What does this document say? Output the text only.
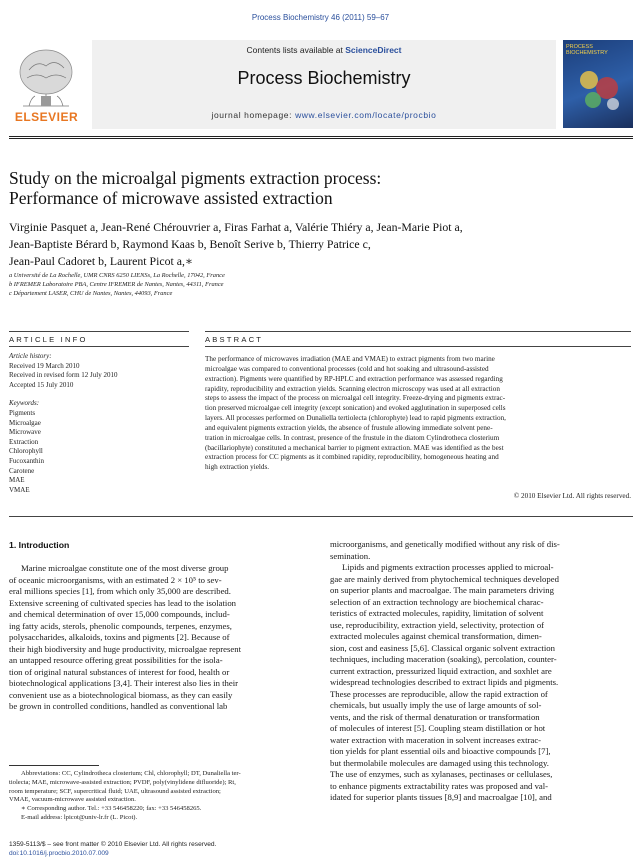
Process Biochemistry 46 (2011) 59–67
ELSEVIER
Contents lists available at ScienceDirect
Process Biochemistry
journal homepage: www.elsevier.com/locate/procbio
PROCESS BIOCHEMISTRY
Study on the microalgal pigments extraction process:
Performance of microwave assisted extraction
Virginie Pasquet a, Jean-René Chérouvrier a, Firas Farhat a, Valérie Thiéry a, Jean-Marie Piot a,
Jean-Baptiste Bérard b, Raymond Kaas b, Benoît Serive b, Thierry Patrice c,
Jean-Paul Cadoret b, Laurent Picot a,∗
a Université de La Rochelle, UMR CNRS 6250 LIENSs, La Rochelle, 17042, France
b IFREMER Laboratoire PBA, Centre IFREMER de Nantes, Nantes, 44311, France
c Département LASER, CHU de Nantes, Nantes, 44093, France
ARTICLE INFO
Article history:
Received 19 March 2010
Received in revised form 12 July 2010
Accepted 15 July 2010
Keywords:
Pigments
Microalgae
Microwave
Extraction
Chlorophyll
Fucoxanthin
Carotene
MAE
VMAE
ABSTRACT
The performance of microwaves irradiation (MAE and VMAE) to extract pigments from two marine
microalgae was compared to conventional processes (cold and hot soaking and ultrasound-assisted
extraction). Pigments were quantified by RP-HPLC and extraction performance was assessed regarding
rapidity, reproducibility and extraction yields. Scanning electron microscopy was used at all extraction
steps to assess the impact of the process on microalgal cell integrity. Freeze-drying and pigments extrac-
tion preserved microalgae cell integrity (except sonication) and evoked agglutination in superposed cells
layers. All processes performed on Dunaliella tertiolecta (chlorophyte) lead to rapid pigments extraction,
and equivalent pigments extraction yields, the absence of frustule allowing immediate solvent pene-
tration in microalgae cells. In contrast, presence of the frustule in the diatom Cylindrotheca closterium
(bacillariophyte) constituted a mechanical barrier to pigment extraction. MAE was identified as the best
extraction process for CC pigments as it combined rapidity, reproducibility, homogeneous heating and
high extraction yields.
© 2010 Elsevier Ltd. All rights reserved.
1. Introduction
Marine microalgae constitute one of the most diverse group
of oceanic microorganisms, with an estimated 2 × 10⁵ to sev-
eral millions species [1], from which only 35,000 are described.
Extensive screening of cultivated species has lead to the isolation
and chemical determination of over 15,000 compounds, includ-
ing fatty acids, sterols, phenolic compounds, terpenes, enzymes,
polysaccharides, alkaloids, toxins and pigments [2]. Because of
their high biodiversity and huge productivity, microalgae represent
an untapped resource offering great possibilities for the isola-
tion of original natural substances of interest for food, health or
biotechnological applications [3,4]. Their interest also lies in their
convenient use as a biotechnological biomass, as they can easily
be grown in controlled conditions, handled as conventional lab
microorganisms, and genetically modified without any risk of dis-
semination.
Lipids and pigments extraction processes applied to microal-
gae are mainly derived from phytochemical techniques developed
on superior plants and macroalgae. The main parameters driving
selection of an extraction technology are biochemical charac-
teristics of extracted molecules, rapidity, limitation of solvent
use, reproducibility, extraction yield, selectivity, protection of
extracted molecules against chemical transformation, dimen-
sion, cost and easiness [5,6]. Classical organic solvent extraction
techniques, including maceration (soaking), percolation, counter-
current extraction, pressurized liquid extraction, and soxhlet are
widespread technologies described to extract lipids and pigments.
These processes are reproducible, allow the rapid extraction of
chemicals, but usually imply the use of large amounts of sol-
vents, and the risk of thermal denaturation or transformation
of molecules of interest [5]. Coupling steam distillation or hot
water extraction with maceration in solvent increases extrac-
tion yields for plant essential oils and bioactive compounds [7],
but thermolabile molecules are damaged using this technology.
The use of enzymes, such as xylanases, pectinases or cellulases,
to enhance pigments extractability rates was proposed and val-
idated for superior plants tissues [8,9] and macroalgae [10], and
Abbreviations: CC, Cylindrotheca closterium; Chl, chlorophyll; DT, Dunaliella ter-
tiolecta; MAE, microwave-assisted extraction; PVDF, poly(vinylidene difluoride); Rt,
room temperature; SCF, supercritical fluid; UAE, ultrasound assisted extraction;
VMAE, vacuum-microwave assisted extraction.
∗ Corresponding author. Tel.: +33 546458220; fax: +33 546458265.
E-mail address: lpicot@univ-lr.fr (L. Picot).
1359-5113/$ – see front matter © 2010 Elsevier Ltd. All rights reserved.
doi:10.1016/j.procbio.2010.07.009
